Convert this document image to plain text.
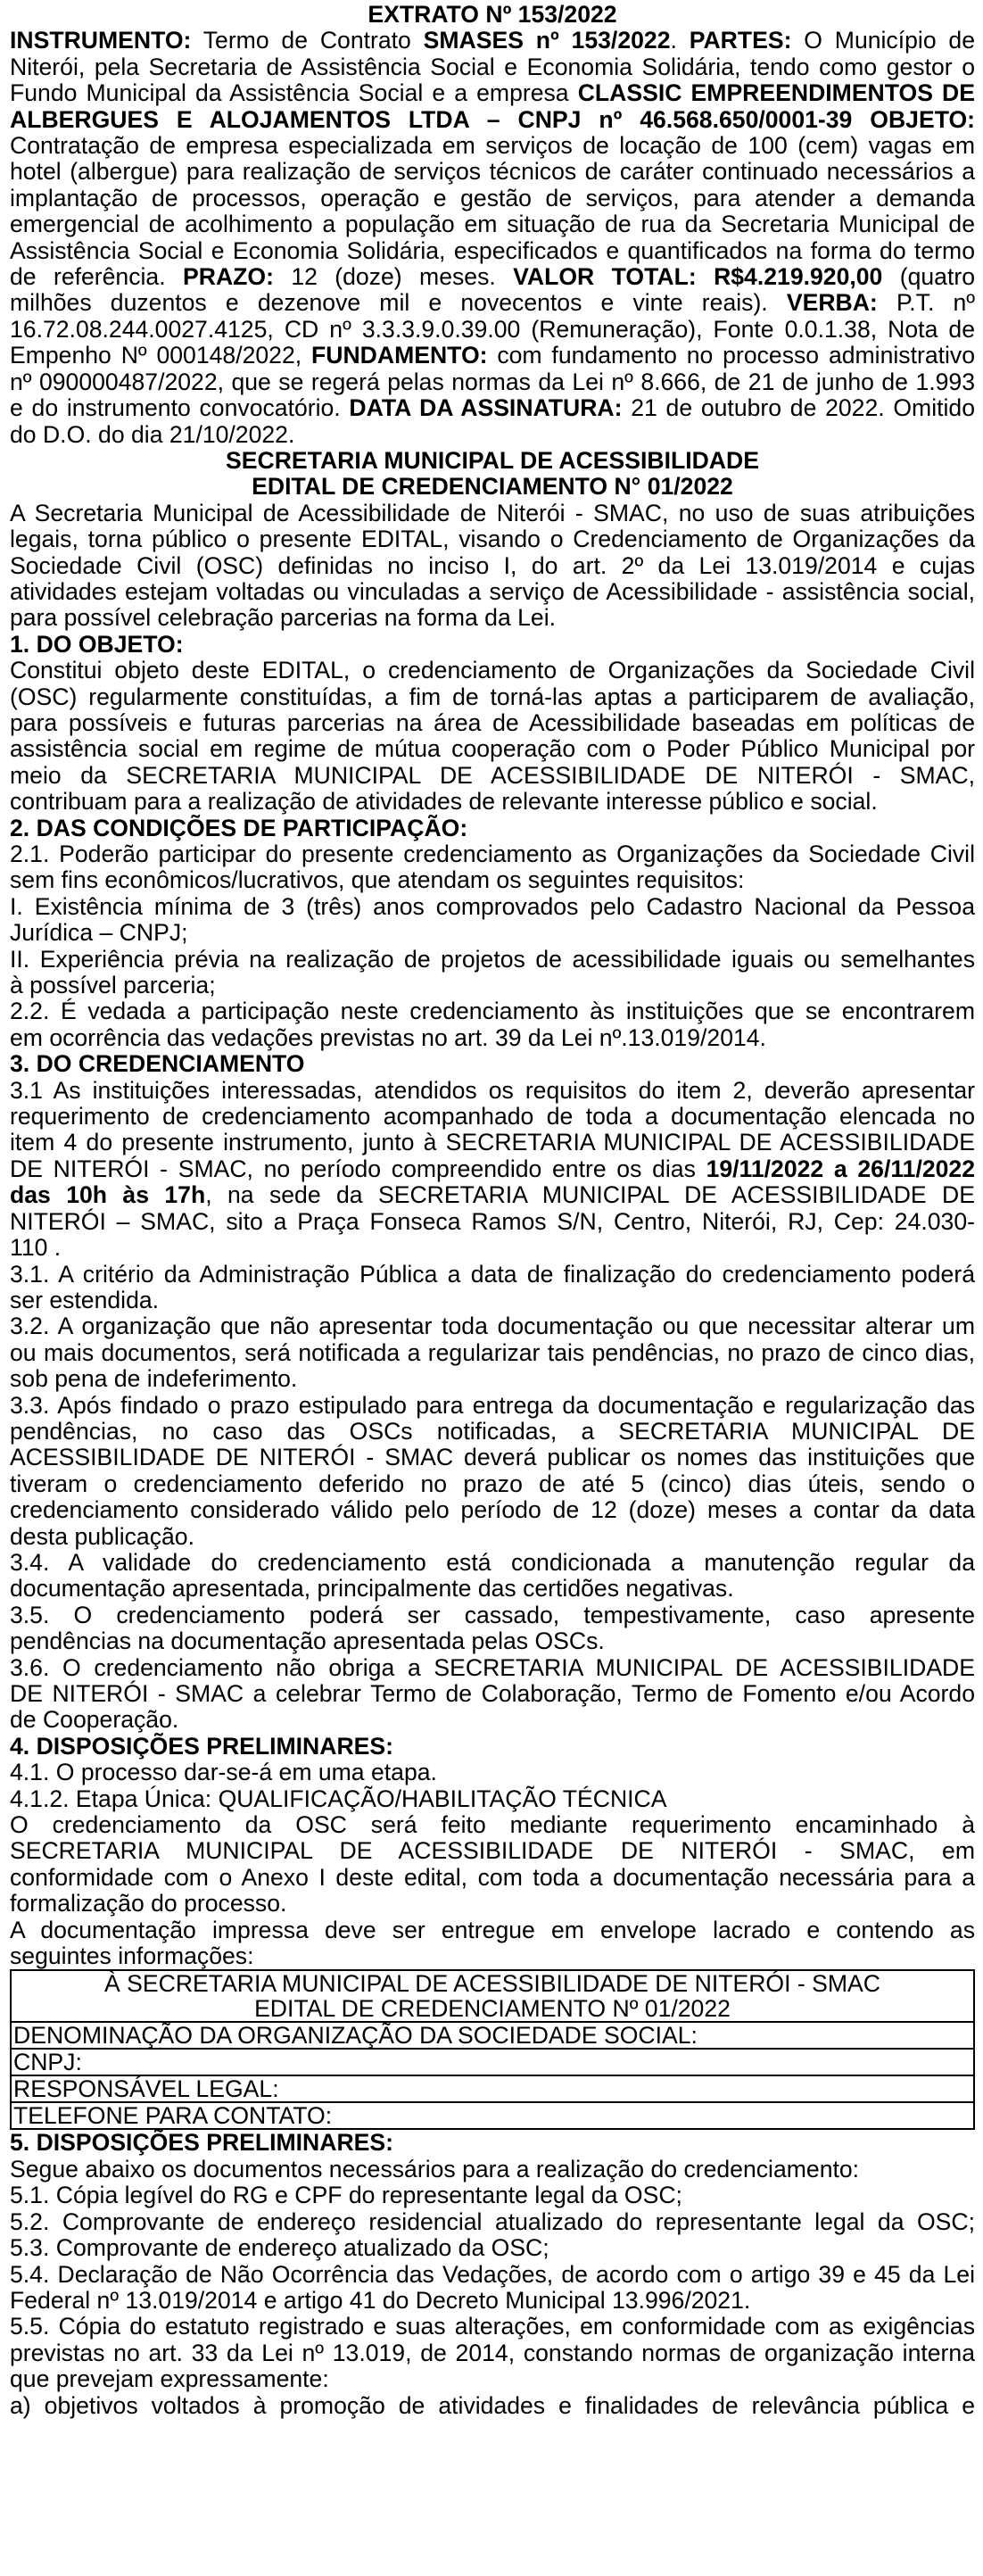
EXTRATO Nº 153/2022

INSTRUMENTO: Termo de Contrato SMASES nº 153/2022. PARTES: O Município de

Niterói, pela Secretaria de Assistência Social e Economia Solidária, tendo como gestor o

Fundo Municipal da Assistência Social e a empresa CLASSIC EMPREENDIMENTOS DE

ALBERGUES E ALOJAMENTOS LTDA – CNPJ nº 46.568.650/0001-39 OBJETO:

Contratação de empresa especializada em serviços de locação de 100 (cem) vagas em

hotel (albergue) para realização de serviços técnicos de caráter continuado necessários a

implantação de processos, operação e gestão de serviços, para atender a demanda

emergencial de acolhimento a população em situação de rua da Secretaria Municipal de

Assistência Social e Economia Solidária, especificados e quantificados na forma do termo

de referência. PRAZO: 12 (doze) meses. VALOR TOTAL: R$4.219.920,00 (quatro

milhões duzentos e dezenove mil e novecentos e vinte reais). VERBA: P.T. nº

16.72.08.244.0027.4125, CD nº 3.3.3.9.0.39.00 (Remuneração), Fonte 0.0.1.38, Nota de

Empenho Nº 000148/2022, FUNDAMENTO: com fundamento no processo administrativo

nº 090000487/2022, que se regerá pelas normas da Lei nº 8.666, de 21 de junho de 1.993

e do instrumento convocatório. DATA DA ASSINATURA: 21 de outubro de 2022. Omitido

do D.O. do dia 21/10/2022.

SECRETARIA MUNICIPAL DE ACESSIBILIDADE

EDITAL DE CREDENCIAMENTO N° 01/2022

A Secretaria Municipal de Acessibilidade de Niterói - SMAC, no uso de suas atribuições

legais, torna público o presente EDITAL, visando o Credenciamento de Organizações da

Sociedade Civil (OSC) definidas no inciso I, do art. 2º da Lei 13.019/2014 e cujas

atividades estejam voltadas ou vinculadas a serviço de Acessibilidade - assistência social,

para possível celebração parcerias na forma da Lei.

1. DO OBJETO:

Constitui objeto deste EDITAL, o credenciamento de Organizações da Sociedade Civil

(OSC) regularmente constituídas, a fim de torná-las aptas a participarem de avaliação,

para possíveis e futuras parcerias na área de Acessibilidade baseadas em políticas de

assistência social em regime de mútua cooperação com o Poder Público Municipal por

meio da SECRETARIA MUNICIPAL DE ACESSIBILIDADE DE NITERÓI - SMAC,

contribuam para a realização de atividades de relevante interesse público e social.

2. DAS CONDIÇÕES DE PARTICIPAÇÃO:

2.1. Poderão participar do presente credenciamento as Organizações da Sociedade Civil

sem fins econômicos/lucrativos, que atendam os seguintes requisitos:

I. Existência mínima de 3 (três) anos comprovados pelo Cadastro Nacional da Pessoa

Jurídica – CNPJ;

II. Experiência prévia na realização de projetos de acessibilidade iguais ou semelhantes

à possível parceria;

2.2. É vedada a participação neste credenciamento às instituições que se encontrarem

em ocorrência das vedações previstas no art. 39 da Lei nº.13.019/2014.

3. DO CREDENCIAMENTO

3.1 As instituições interessadas, atendidos os requisitos do item 2, deverão apresentar

requerimento de credenciamento acompanhado de toda a documentação elencada no

item 4 do presente instrumento, junto à SECRETARIA MUNICIPAL DE ACESSIBILIDADE

DE NITERÓI - SMAC, no período compreendido entre os dias 19/11/2022 a 26/11/2022

das 10h às 17h, na sede da SECRETARIA MUNICIPAL DE ACESSIBILIDADE DE

NITERÓI – SMAC, sito a Praça Fonseca Ramos S/N, Centro, Niterói, RJ, Cep: 24.030-

110 .

3.1. A critério da Administração Pública a data de finalização do credenciamento poderá

ser estendida.

3.2. A organização que não apresentar toda documentação ou que necessitar alterar um

ou mais documentos, será notificada a regularizar tais pendências, no prazo de cinco dias,

sob pena de indeferimento.

3.3. Após findado o prazo estipulado para entrega da documentação e regularização das

pendências, no caso das OSCs notificadas, a SECRETARIA MUNICIPAL DE

ACESSIBILIDADE DE NITERÓI - SMAC deverá publicar os nomes das instituições que

tiveram o credenciamento deferido no prazo de até 5 (cinco) dias úteis, sendo o

credenciamento considerado válido pelo período de 12 (doze) meses a contar da data

desta publicação.

3.4. A validade do credenciamento está condicionada a manutenção regular da

documentação apresentada, principalmente das certidões negativas.

3.5. O credenciamento poderá ser cassado, tempestivamente, caso apresente

pendências na documentação apresentada pelas OSCs.

3.6. O credenciamento não obriga a SECRETARIA MUNICIPAL DE ACESSIBILIDADE

DE NITERÓI - SMAC a celebrar Termo de Colaboração, Termo de Fomento e/ou Acordo

de Cooperação.

4. DISPOSIÇÕES PRELIMINARES:

4.1. O processo dar-se-á em uma etapa.

4.1.2. Etapa Única: QUALIFICAÇÃO/HABILITAÇÃO TÉCNICA

O credenciamento da OSC será feito mediante requerimento encaminhado à

SECRETARIA MUNICIPAL DE ACESSIBILIDADE DE NITERÓI - SMAC, em

conformidade com o Anexo I deste edital, com toda a documentação necessária para a

formalização do processo.

A documentação impressa deve ser entregue em envelope lacrado e contendo as

seguintes informações:

À SECRETARIA MUNICIPAL DE ACESSIBILIDADE DE NITERÓI - SMAC
EDITAL DE CREDENCIAMENTO Nº 01/2022
DENOMINAÇÃO DA ORGANIZAÇÃO DA SOCIEDADE SOCIAL:
CNPJ:
RESPONSÁVEL LEGAL:
TELEFONE PARA CONTATO:

5. DISPOSIÇÕES PRELIMINARES:

Segue abaixo os documentos necessários para a realização do credenciamento:

5.1. Cópia legível do RG e CPF do representante legal da OSC;

5.2. Comprovante de endereço residencial atualizado do representante legal da OSC;

5.3. Comprovante de endereço atualizado da OSC;

5.4. Declaração de Não Ocorrência das Vedações, de acordo com o artigo 39 e 45 da Lei

Federal nº 13.019/2014 e artigo 41 do Decreto Municipal 13.996/2021.

5.5. Cópia do estatuto registrado e suas alterações, em conformidade com as exigências

previstas no art. 33 da Lei nº 13.019, de 2014, constando normas de organização interna

que prevejam expressamente:

a) objetivos voltados à promoção de atividades e finalidades de relevância pública e
